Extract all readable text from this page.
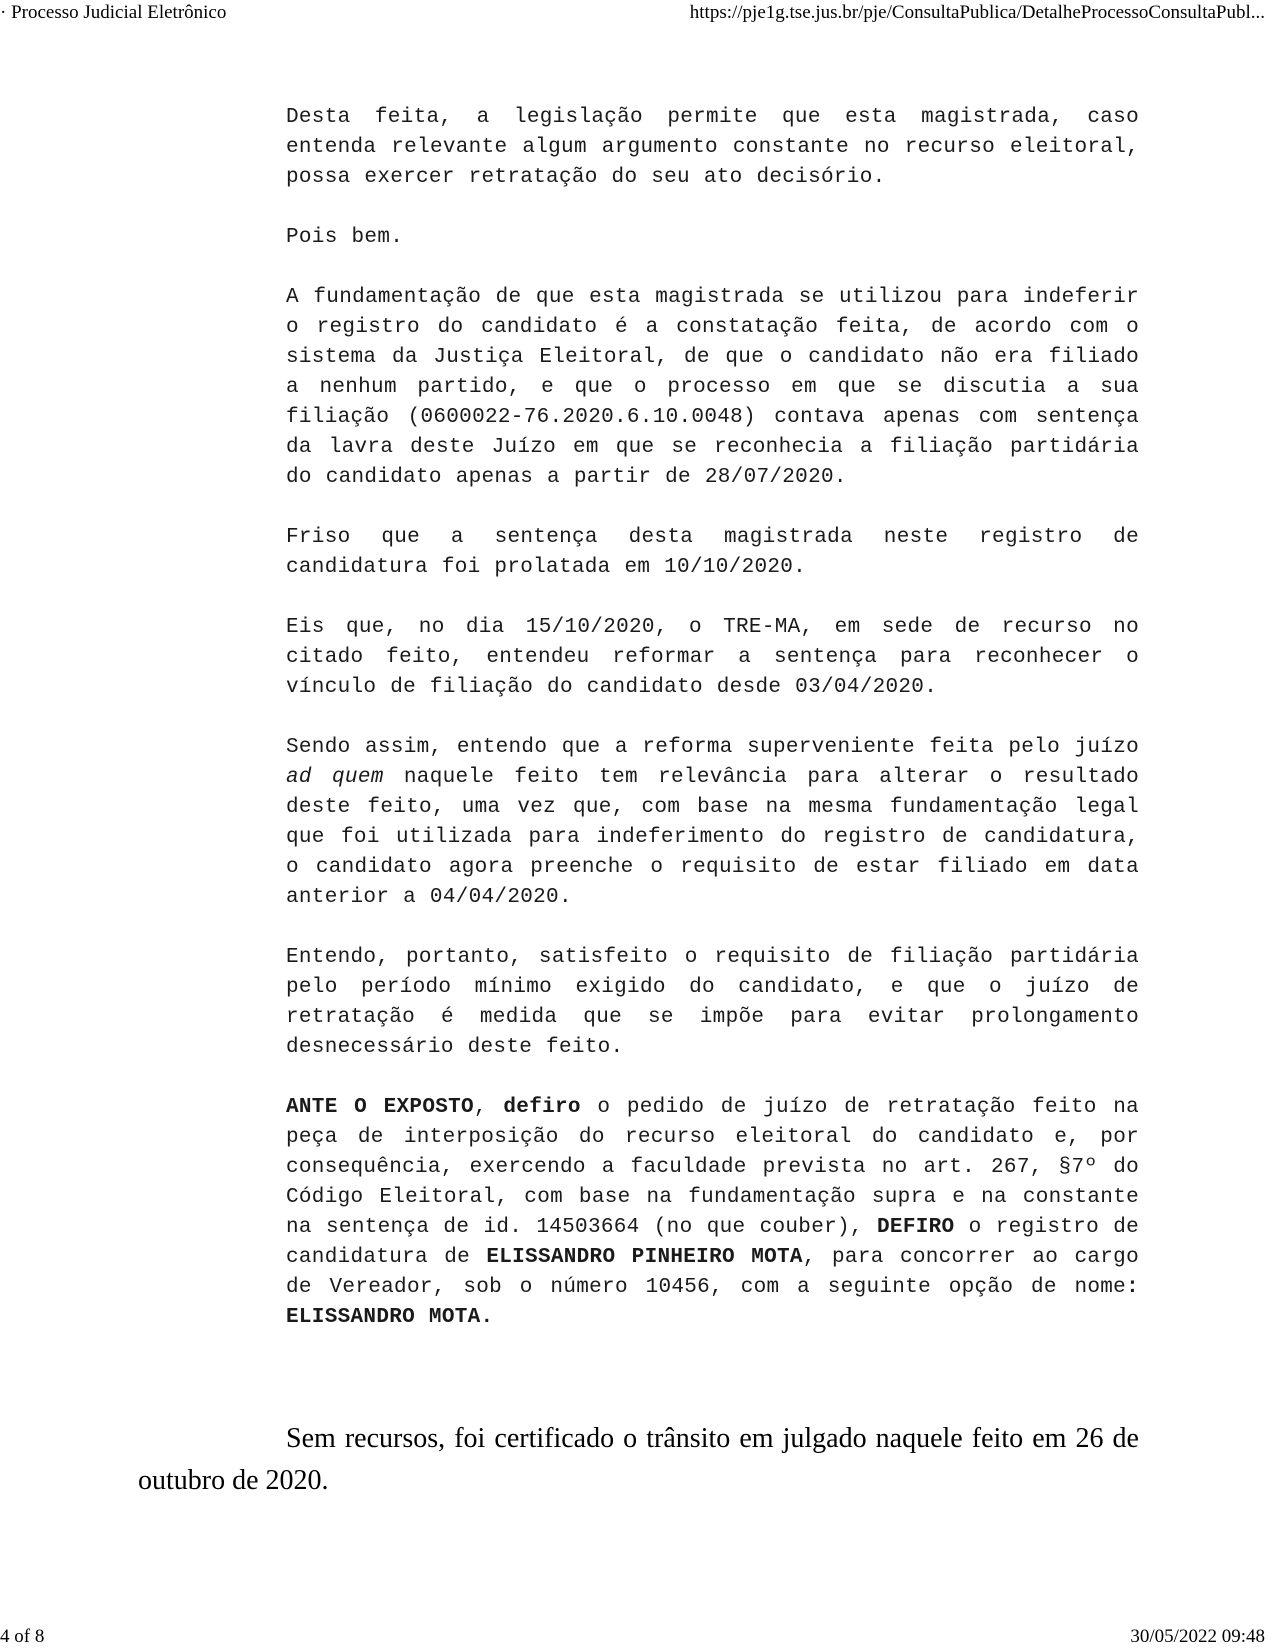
· Processo Judicial Eletrônico	https://pje1g.tse.jus.br/pje/ConsultaPublica/DetalheProcessoConsultaPubl...

Desta feita, a legislação permite que esta magistrada, caso entenda relevante algum argumento constante no recurso eleitoral, possa exercer retratação do seu ato decisório.

Pois bem.

A fundamentação de que esta magistrada se utilizou para indeferir o registro do candidato é a constatação feita, de acordo com o sistema da Justiça Eleitoral, de que o candidato não era filiado a nenhum partido, e que o processo em que se discutia a sua filiação (0600022-76.2020.6.10.0048) contava apenas com sentença da lavra deste Juízo em que se reconhecia a filiação partidária do candidato apenas a partir de 28/07/2020.

Friso que a sentença desta magistrada neste registro de candidatura foi prolatada em 10/10/2020.

Eis que, no dia 15/10/2020, o TRE-MA, em sede de recurso no citado feito, entendeu reformar a sentença para reconhecer o vínculo de filiação do candidato desde 03/04/2020.

Sendo assim, entendo que a reforma superveniente feita pelo juízo ad quem naquele feito tem relevância para alterar o resultado deste feito, uma vez que, com base na mesma fundamentação legal que foi utilizada para indeferimento do registro de candidatura, o candidato agora preenche o requisito de estar filiado em data anterior a 04/04/2020.

Entendo, portanto, satisfeito o requisito de filiação partidária pelo período mínimo exigido do candidato, e que o juízo de retratação é medida que se impõe para evitar prolongamento desnecessário deste feito.

ANTE O EXPOSTO, defiro o pedido de juízo de retratação feito na peça de interposição do recurso eleitoral do candidato e, por consequência, exercendo a faculdade prevista no art. 267, §7º do Código Eleitoral, com base na fundamentação supra e na constante na sentença de id. 14503664 (no que couber), DEFIRO o registro de candidatura de ELISSANDRO PINHEIRO MOTA, para concorrer ao cargo de Vereador, sob o número 10456, com a seguinte opção de nome: ELISSANDRO MOTA.

Sem recursos, foi certificado o trânsito em julgado naquele feito em 26 de outubro de 2020.

4 of 8	30/05/2022 09:48
